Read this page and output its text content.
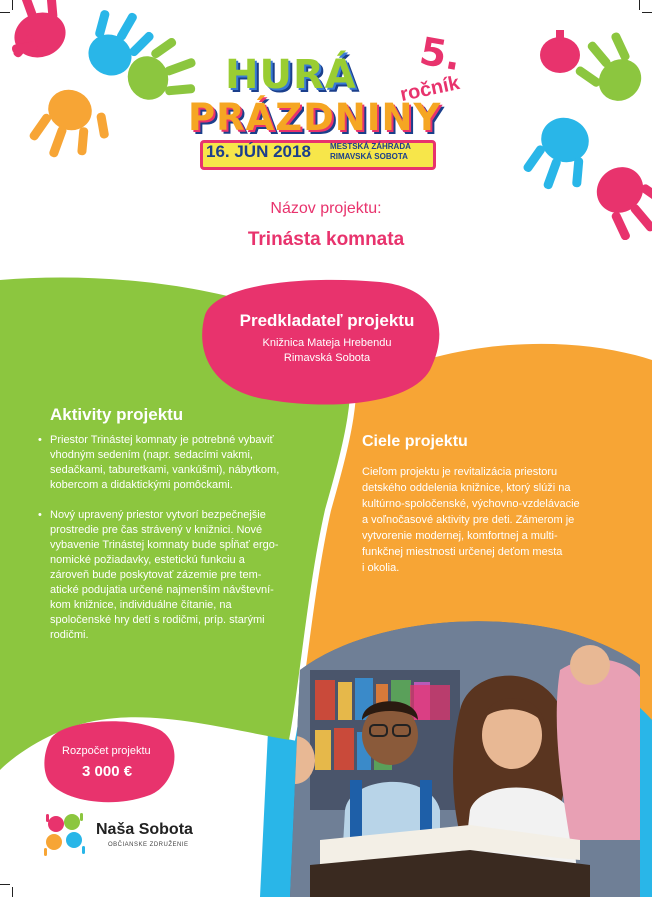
HURÁ
PRÁZDNINY
5.
ročník
16. JÚN 2018 MESTSKÁ ZÁHRADA
RIMAVSKÁ SOBOTA
Názov projektu:
Trinásta komnata
Predkladateľ projektu
Knižnica Mateja Hrebendu
Rimavská Sobota
Aktivity projektu
• Priestor Trinástej komnaty je potrebné vybaviť
vhodným sedením (napr. sedacími vakmi,
sedačkami, taburetkami, vankúšmi), nábytkom,
kobercom a didaktickými pomôckami.
• Nový upravený priestor vytvorí bezpečnejšie
prostredie pre čas strávený v knižnici. Nové
vybavenie Trinástej komnaty bude spĺňať ergo-
nomické požiadavky, estetickú funkciu a
zároveň bude poskytovať zázemie pre tem-
atické podujatia určené najmenším návštevní-
kom knižnice, individuálne čítanie, na
spoločenské hry detí s rodičmi, príp. starými
rodičmi.
Ciele projektu
Cieľom projektu je revitalizácia priestoru
detského oddelenia knižnice, ktorý slúži na
kultúrno-spoločenské, výchovno-vzdelávacie
a voľnočasové aktivity pre deti. Zámerom je
vytvorenie modernej, komfortnej a multi-
funkčnej miestnosti určenej deťom mesta
i okolia.
Rozpočet projektu
3 000 €
Naša Sobota
OBČIANSKE ZDRUŽENIE
